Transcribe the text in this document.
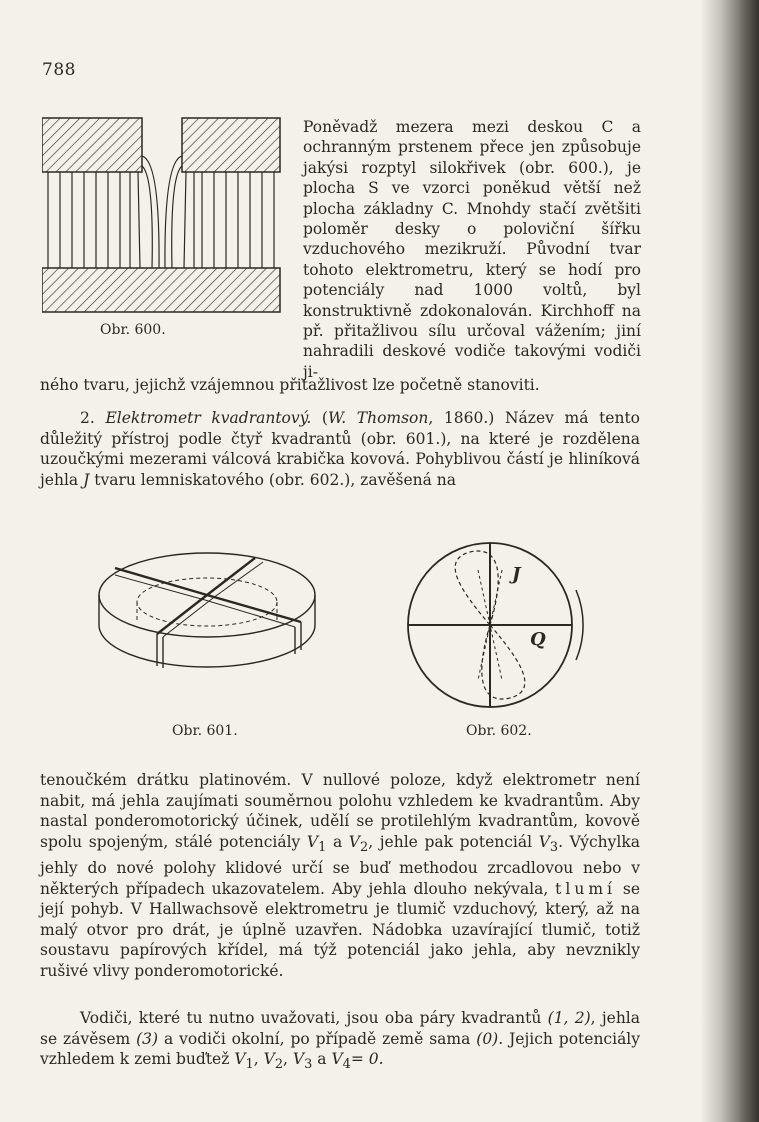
788
Obr. 600.
Poněvadž mezera mezi deskou C a ochranným prstenem přece jen způsobuje jakýsi rozptyl silokřivek (obr. 600.), je plocha S ve vzorci poněkud větší než plocha základny C. Mnohdy stačí zvětšiti poloměr desky o poloviční šířku vzduchového mezikruží. Původní tvar tohoto elektrometru, který se hodí pro potenciály nad 1000 voltů, byl konstruktivně zdokonalován. Kirchhoff na př. přitažlivou sílu určoval vážením; jiní nahradili deskové vodiče takovými vodiči ji-
ného tvaru, jejichž vzájemnou přitažlivost lze početně stanoviti.
2. Elektrometr kvadrantový. (W. Thomson, 1860.) Název má tento důležitý přístroj podle čtyř kvadrantů (obr. 601.), na které je rozdělena uzoučkými mezerami válcová krabička kovová. Pohyblivou částí je hliníková jehla J tvaru lemniskatového (obr. 602.), zavěšená na
Obr. 601.
J
Q
Obr. 602.
tenoučkém drátku platinovém. V nullové poloze, když elektrometr není nabit, má jehla zaujímati souměrnou polohu vzhledem ke kvadrantům. Aby nastal ponderomotorický účinek, udělí se protilehlým kvadrantům, kovově spolu spojeným, stálé potenciály $V_1$ a $V_2$, jehle pak potenciál $V_3$. Výchylka jehly do nové polohy klidové určí se buď methodou zrcadlovou nebo v některých případech ukazovatelem. Aby jehla dlouho nekývala, tlumí se její pohyb. V Hallwachsově elektrometru je tlumič vzduchový, který, až na malý otvor pro drát, je úplně uzavřen. Nádobka uzavírající tlumič, totiž soustavu papírových křídel, má týž potenciál jako jehla, aby nevznikly rušivé vlivy ponderomotorické.
Vodiči, které tu nutno uvažovati, jsou oba páry kvadrantů (1, 2), jehla se závěsem (3) a vodiči okolní, po případě země sama (0). Jejich potenciály vzhledem k zemi buďtež $V_1$, $V_2$, $V_3$ a $V_4= 0$.
